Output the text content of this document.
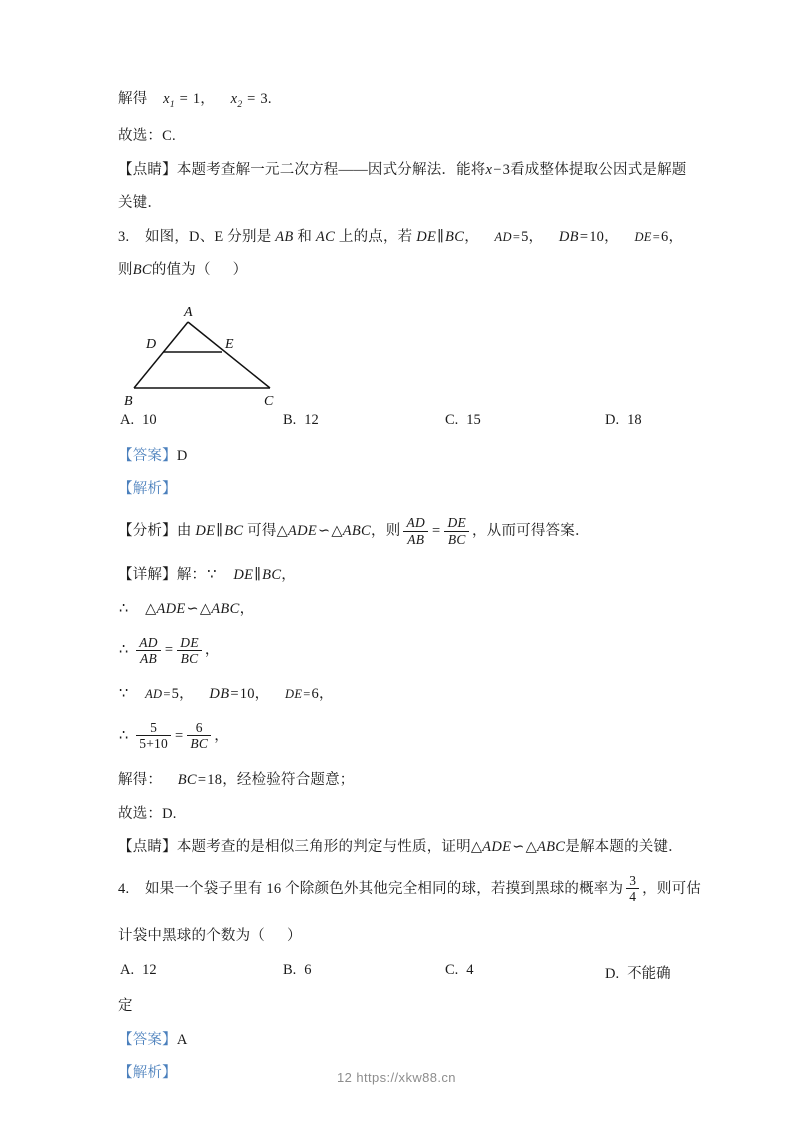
解得 $x_1 = 1$， $x_2 = 3$.
故选：C.
【点睛】本题考查解一元二次方程——因式分解法．能将x−3看成整体提取公因式是解题
关键．
3. 如图，D、E 分别是 AB 和 AC 上的点，若 DE∥BC， AD=5， DB=10， DE=6，
则BC的值为（ ）
A. 10	B. 12	C. 15	D. 18
【答案】D
【解析】
【分析】由 DE∥BC 可得△ADE∽△ABC，则 $\frac{AD}{AB} = \frac{DE}{BC}$ ，从而可得答案．
【详解】解：∵ DE∥BC，
∴ △ADE∽△ABC，
∴ $\frac{AD}{AB} = \frac{DE}{BC}$ ，
∵ AD=5， DB=10， DE=6，
∴ $\frac{5}{5+10} = \frac{6}{BC}$ ，
解得： BC=18，经检验符合题意；
故选：D.
【点睛】本题考查的是相似三角形的判定与性质，证明△ADE∽△ABC是解本题的关键．
4. 如果一个袋子里有 16 个除颜色外其他完全相同的球，若摸到黑球的概率为 $\frac{3}{4}$ ，则可估
计袋中黑球的个数为（ ）
A. 12	B. 6	C. 4	D. 不能确
定
【答案】A
【解析】
A
D	E
B	C
12 https://xkw88.cn
